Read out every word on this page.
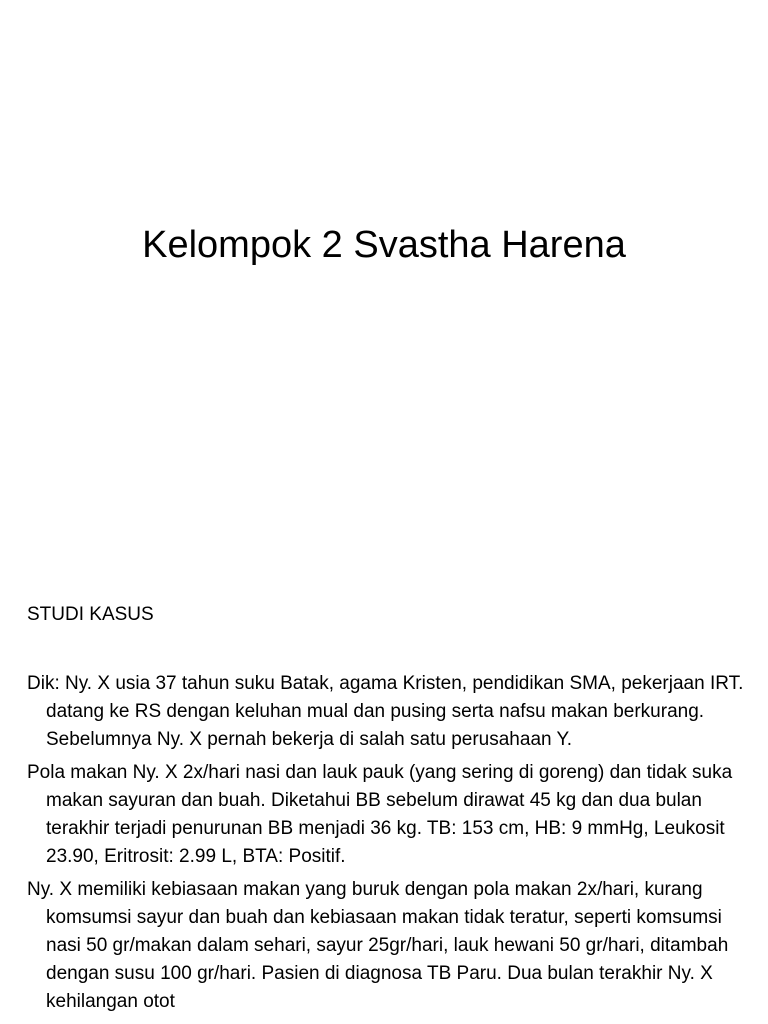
Kelompok 2 Svastha Harena
STUDI KASUS
Dik: Ny. X usia 37 tahun suku Batak, agama Kristen, pendidikan SMA, pekerjaan IRT. datang ke RS dengan keluhan mual dan pusing serta nafsu makan berkurang. Sebelumnya Ny. X pernah bekerja di salah satu perusahaan Y.
Pola makan Ny. X 2x/hari nasi dan lauk pauk (yang sering di goreng) dan tidak suka makan sayuran dan buah. Diketahui BB sebelum dirawat 45 kg dan dua bulan terakhir terjadi penurunan BB menjadi 36 kg. TB: 153 cm, HB: 9 mmHg, Leukosit 23.90, Eritrosit: 2.99 L, BTA: Positif.
Ny. X memiliki kebiasaan makan yang buruk dengan pola makan 2x/hari, kurang komsumsi sayur dan buah dan kebiasaan makan tidak teratur, seperti komsumsi nasi 50 gr/makan dalam sehari, sayur 25gr/hari, lauk hewani 50 gr/hari, ditambah dengan susu 100 gr/hari. Pasien di diagnosa TB Paru. Dua bulan terakhir Ny. X kehilangan otot
